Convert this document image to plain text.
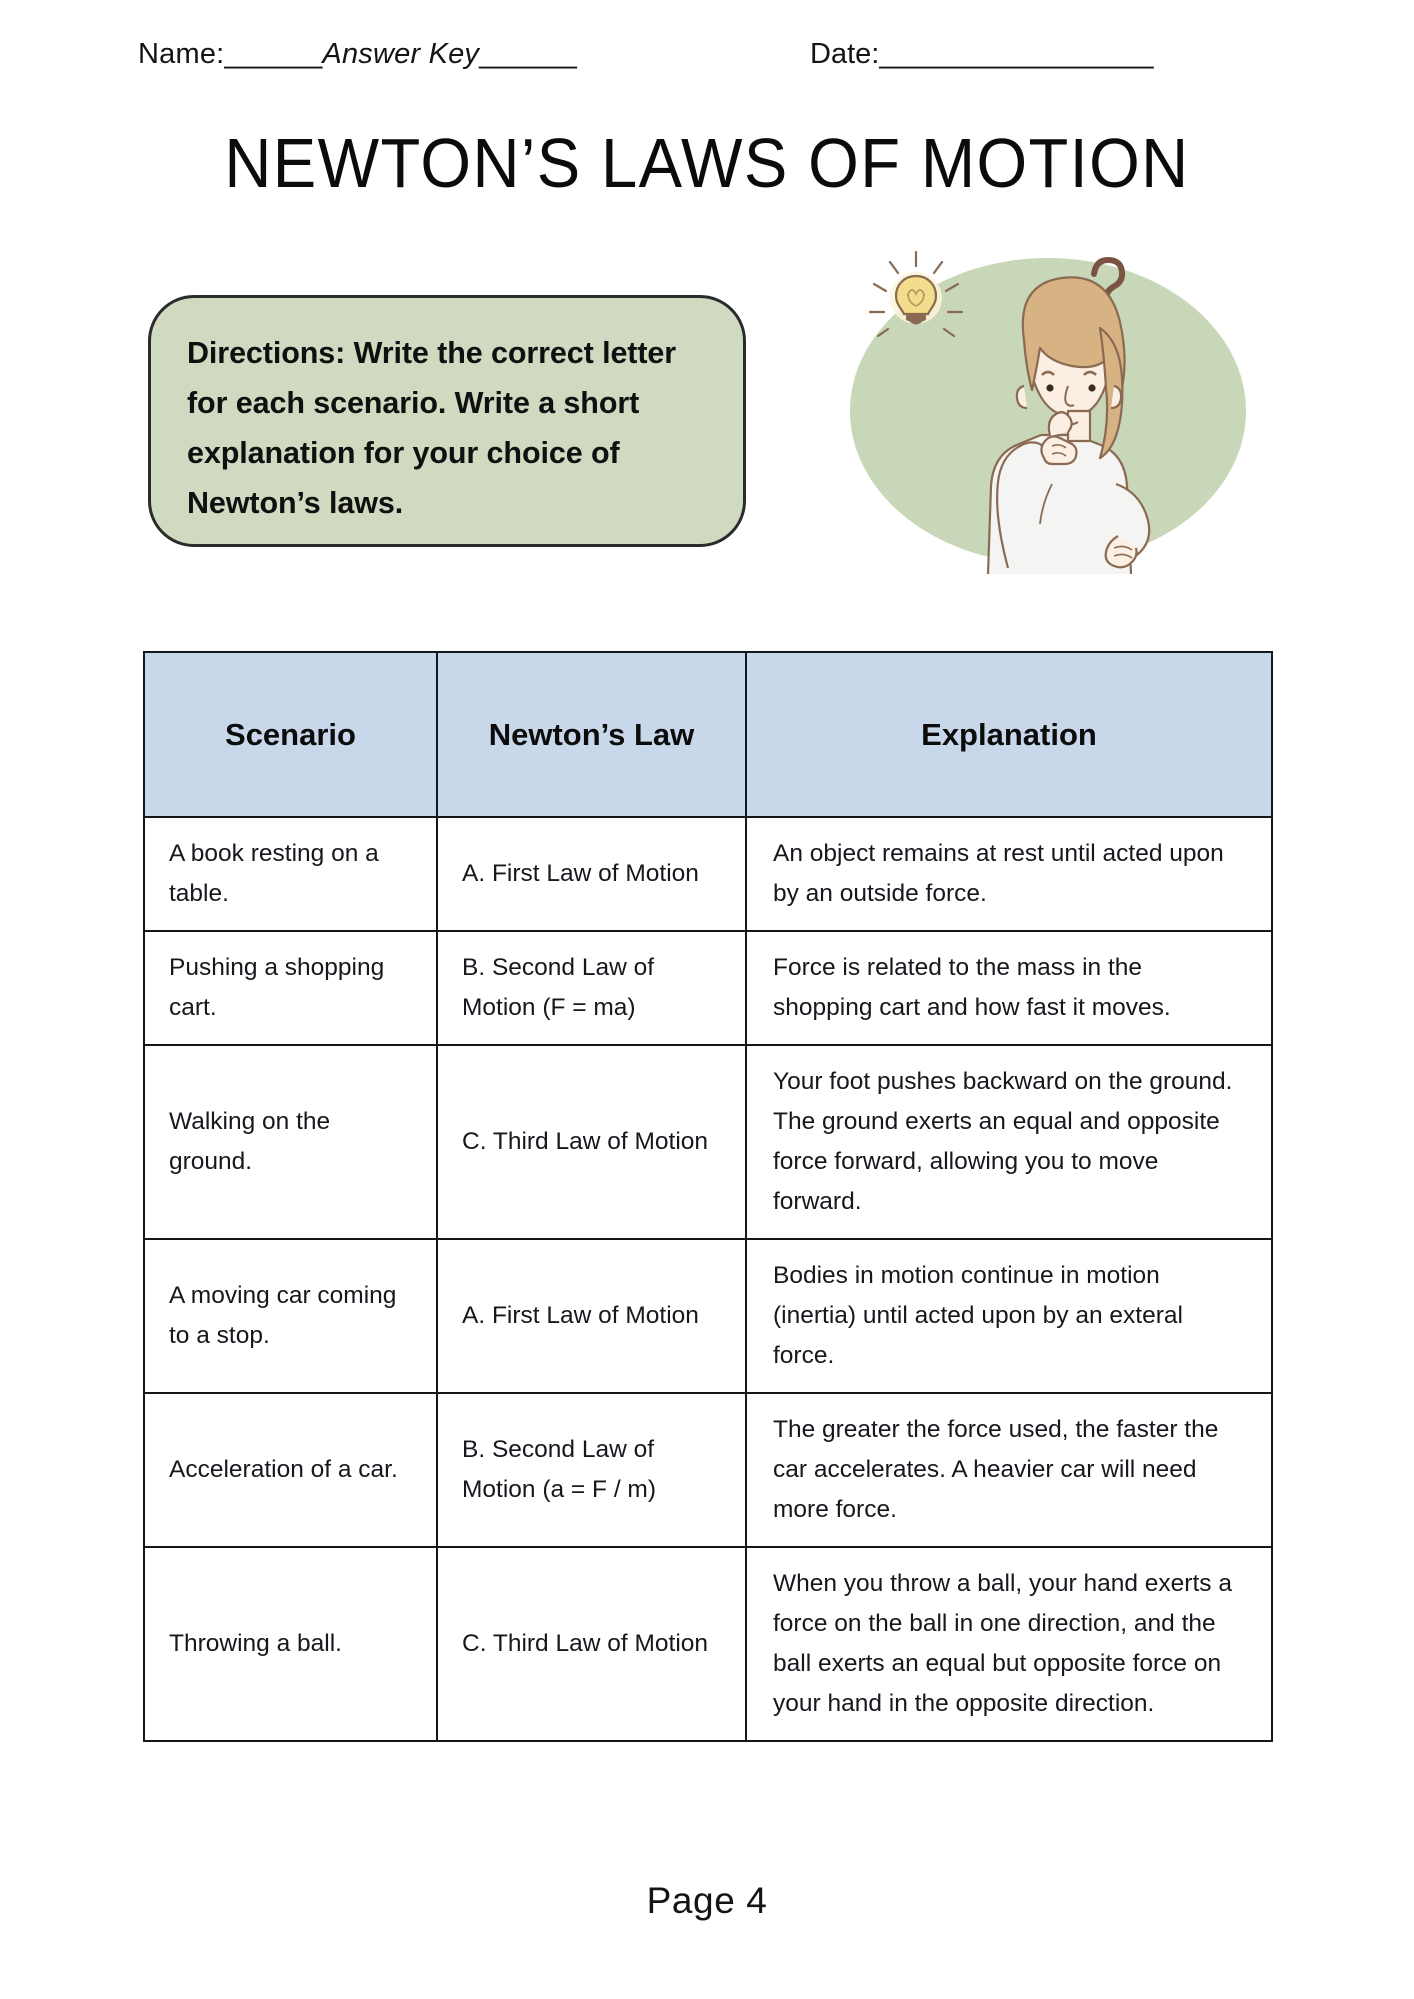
Name:______Answer Key______	Date:_________________
NEWTON’S LAWS OF MOTION
Directions: Write the correct letter for each scenario. Write a short explanation for your choice of Newton’s laws.
Scenario	Newton’s Law	Explanation
A book resting on a table.	A. First Law of Motion	An object remains at rest until acted upon by an outside force.
Pushing a shopping cart.	B. Second Law of Motion (F = ma)	Force is related to the mass in the shopping cart and how fast it moves.
Walking on the ground.	C. Third Law of Motion	Your foot pushes backward on the ground. The ground exerts an equal and opposite force forward, allowing you to move forward.
A moving car coming to a stop.	A. First Law of Motion	Bodies in motion continue in motion (inertia) until acted upon by an exteral force.
Acceleration of a car.	B. Second Law of Motion (a = F / m)	The greater the force used, the faster the car accelerates. A heavier car will need more force.
Throwing a ball.	C. Third Law of Motion	When you throw a ball, your hand exerts a force on the ball in one direction, and the ball exerts an equal but opposite force on your hand in the opposite direction.
Page 4
